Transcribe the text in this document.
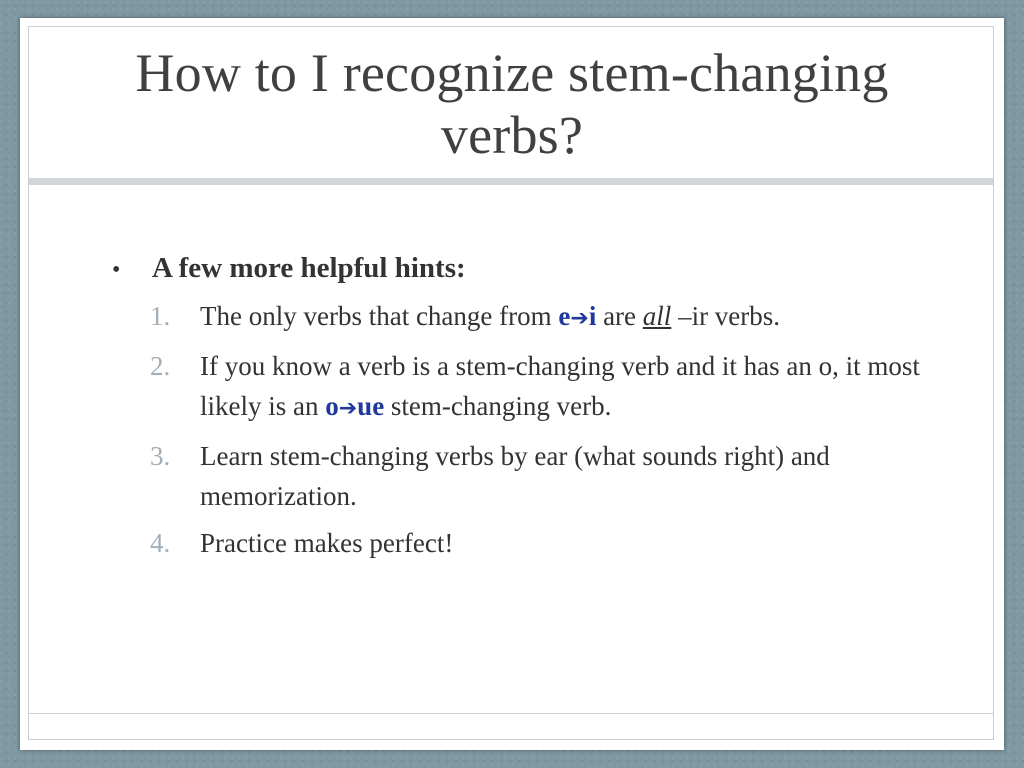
How to I recognize stem-changing verbs?
•	A few more helpful hints:
1.	The only verbs that change from e➔i are all –ir verbs.
2.	If you know a verb is a stem-changing verb and it has an o, it most likely is an o➔ue stem-changing verb.
3.	Learn stem-changing verbs by ear (what sounds right) and memorization.
4.	Practice makes perfect!
